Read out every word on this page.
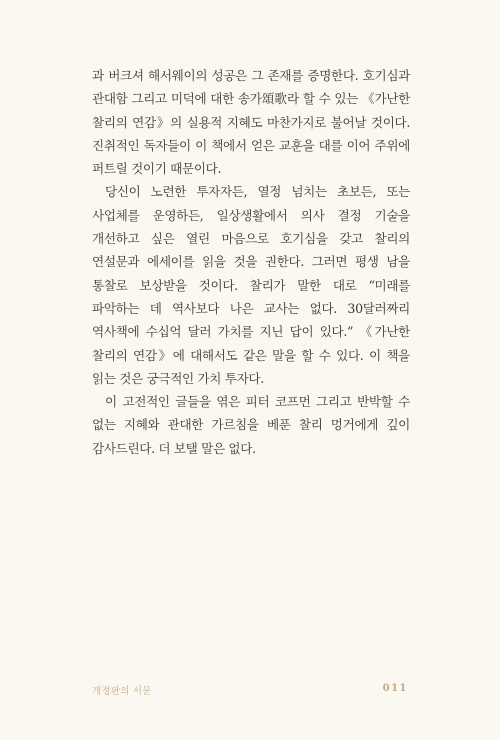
과 버크셔 해서웨이의 성공은 그 존재를 증명한다. 호기심과 관대함 그리고 미덕에 대한 송가頌歌라 할 수 있는 《가난한 찰리의 연감》의 실용적 지혜도 마찬가지로 불어날 것이다. 진취적인 독자들이 이 책에서 얻은 교훈을 대를 이어 주위에 퍼트릴 것이기 때문이다.

당신이 노련한 투자자든, 열정 넘치는 초보든, 또는 사업체를 운영하든, 일상생활에서 의사 결정 기술을 개선하고 싶은 열린 마음으로 호기심을 갖고 찰리의 연설문과 에세이를 읽을 것을 권한다. 그러면 평생 남을 통찰로 보상받을 것이다. 찰리가 말한 대로 “미래를 파악하는 데 역사보다 나은 교사는 없다. 30달러짜리 역사책에 수십억 달러 가치를 지닌 답이 있다.” 《가난한 찰리의 연감》에 대해서도 같은 말을 할 수 있다. 이 책을 읽는 것은 궁극적인 가치 투자다.

이 고전적인 글들을 엮은 피터 코프먼 그리고 반박할 수 없는 지혜와 관대한 가르침을 베푼 찰리 멍거에게 깊이 감사드린다. 더 보탤 말은 없다.

개정판의 서문	011
